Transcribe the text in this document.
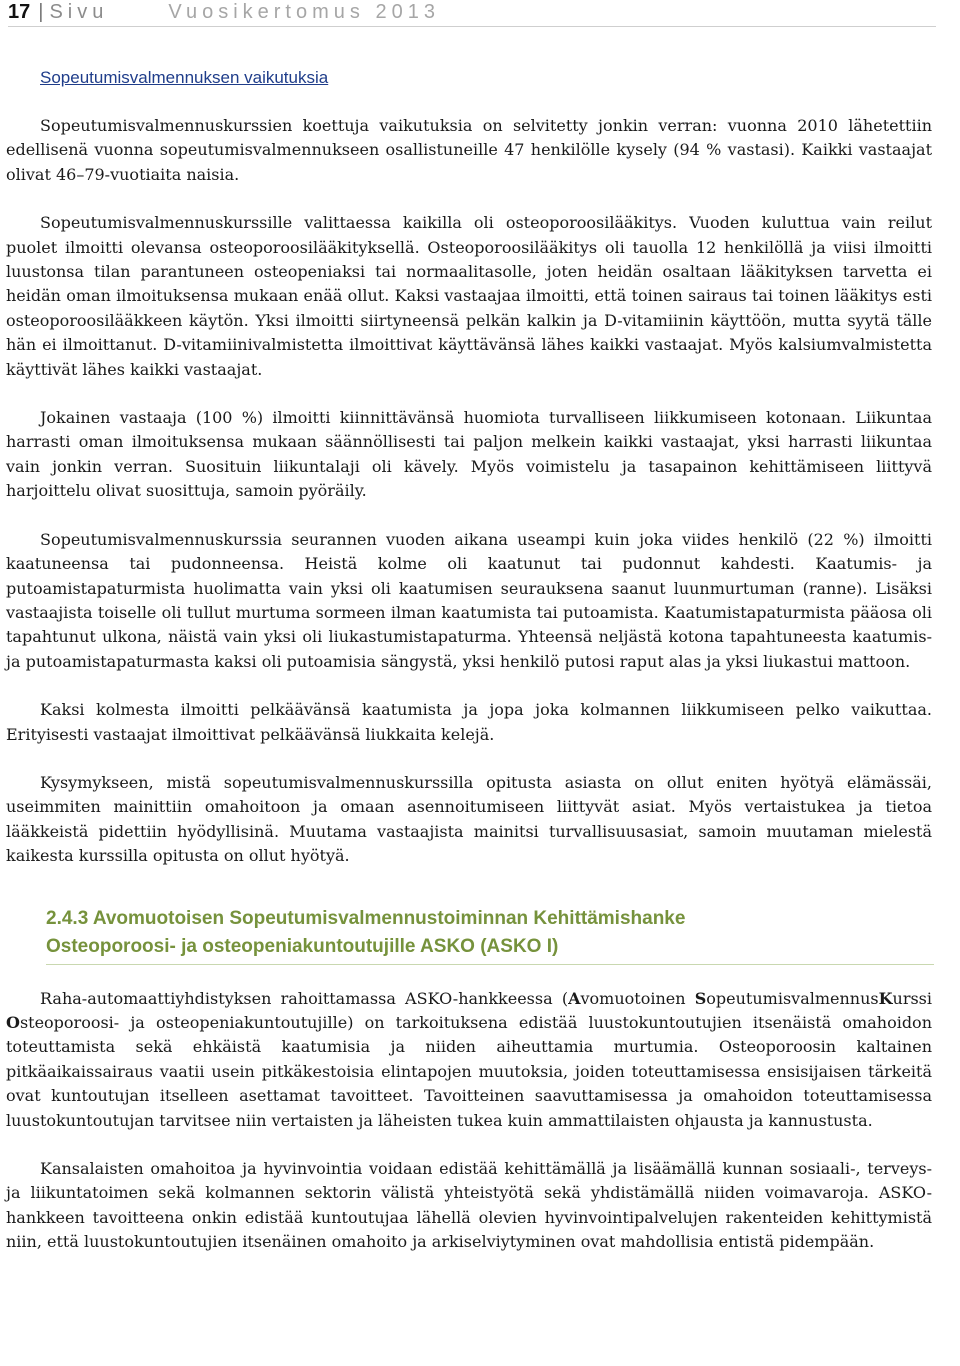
17 | Sivu	Vuosikertomus 2013
Sopeutumisvalmennuksen vaikutuksia

Sopeutumisvalmennuskurssien koettuja vaikutuksia on selvitetty jonkin verran: vuonna 2010 lähetettiin edellisenä vuonna sopeutumisvalmennukseen osallistuneille 47 henkilölle kysely (94 % vastasi). Kaikki vastaajat olivat 46–79-vuotiaita naisia.

Sopeutumisvalmennuskurssille valittaessa kaikilla oli osteoporoosilääkitys. Vuoden kuluttua vain reilut puolet ilmoitti olevansa osteoporoosilääkityksellä. Osteoporoosilääkitys oli tauolla 12 henkilöllä ja viisi ilmoitti luustonsa tilan parantuneen osteopeniaksi tai normaalitasolle, joten heidän osaltaan lääkityksen tarvetta ei heidän oman ilmoituksensa mukaan enää ollut. Kaksi vastaajaa ilmoitti, että toinen sairaus tai toinen lääkitys esti osteoporoosilääkkeen käytön. Yksi ilmoitti siirtyneensä pelkän kalkin ja D-vitamiinin käyttöön, mutta syytä tälle hän ei ilmoittanut. D-vitamiinivalmistetta ilmoittivat käyttävänsä lähes kaikki vastaajat. Myös kalsiumvalmistetta käyttivät lähes kaikki vastaajat.

Jokainen vastaaja (100 %) ilmoitti kiinnittävänsä huomiota turvalliseen liikkumiseen kotonaan. Liikuntaa harrasti oman ilmoituksensa mukaan säännöllisesti tai paljon melkein kaikki vastaajat, yksi harrasti liikuntaa vain jonkin verran. Suosituin liikuntalaji oli kävely. Myös voimistelu ja tasapainon kehittämiseen liittyvä harjoittelu olivat suosittuja, samoin pyöräily.

Sopeutumisvalmennuskurssia seurannen vuoden aikana useampi kuin joka viides henkilö (22 %) ilmoitti kaatuneensa tai pudonneensa. Heistä kolme oli kaatunut tai pudonnut kahdesti. Kaatumis- ja putoamistapaturmista huolimatta vain yksi oli kaatumisen seurauksena saanut luunmurtuman (ranne). Lisäksi vastaajista toiselle oli tullut murtuma sormeen ilman kaatumista tai putoamista. Kaatumistapaturmista pääosa oli tapahtunut ulkona, näistä vain yksi oli liukastumistapaturma. Yhteensä neljästä kotona tapahtuneesta kaatumis- ja putoamistapaturmasta kaksi oli putoamisia sängystä, yksi henkilö putosi raput alas ja yksi liukastui mattoon.

Kaksi kolmesta ilmoitti pelkäävänsä kaatumista ja jopa joka kolmannen liikkumiseen pelko vaikuttaa. Erityisesti vastaajat ilmoittivat pelkäävänsä liukkaita kelejä.

Kysymykseen, mistä sopeutumisvalmennuskurssilla opitusta asiasta on ollut eniten hyötyä elämässäi, useimmiten mainittiin omahoitoon ja omaan asennoitumiseen liittyvät asiat. Myös vertaistukea ja tietoa lääkkeistä pidettiin hyödyllisinä. Muutama vastaajista mainitsi turvallisuusasiat, samoin muutaman mielestä kaikesta kurssilla opitusta on ollut hyötyä.

2.4.3 Avomuotoisen Sopeutumisvalmennustoiminnan Kehittämishanke
Osteoporoosi- ja osteopeniakuntoutujille ASKO (ASKO I)

Raha-automaattiyhdistyksen rahoittamassa ASKO-hankkeessa (Avomuotoinen SopeutumisvalmennusKurssi Osteoporoosi- ja osteopeniakuntoutujille) on tarkoituksena edistää luustokuntoutujien itsenäistä omahoidon toteuttamista sekä ehkäistä kaatumisia ja niiden aiheuttamia murtumia. Osteoporoosin kaltainen pitkäaikaissairaus vaatii usein pitkäkestoisia elintapojen muutoksia, joiden toteuttamisessa ensisijaisen tärkeitä ovat kuntoutujan itselleen asettamat tavoitteet. Tavoitteinen saavuttamisessa ja omahoidon toteuttamisessa luustokuntoutujan tarvitsee niin vertaisten ja läheisten tukea kuin ammattilaisten ohjausta ja kannustusta.

Kansalaisten omahoitoa ja hyvinvointia voidaan edistää kehittämällä ja lisäämällä kunnan sosiaali-, terveys- ja liikuntatoimen sekä kolmannen sektorin välistä yhteistyötä sekä yhdistämällä niiden voimavaroja. ASKO-hankkeen tavoitteena onkin edistää kuntoutujaa lähellä olevien hyvinvointipalvelujen rakenteiden kehittymistä niin, että luustokuntoutujien itsenäinen omahoito ja arkiselviytyminen ovat mahdollisia entistä pidempään.
